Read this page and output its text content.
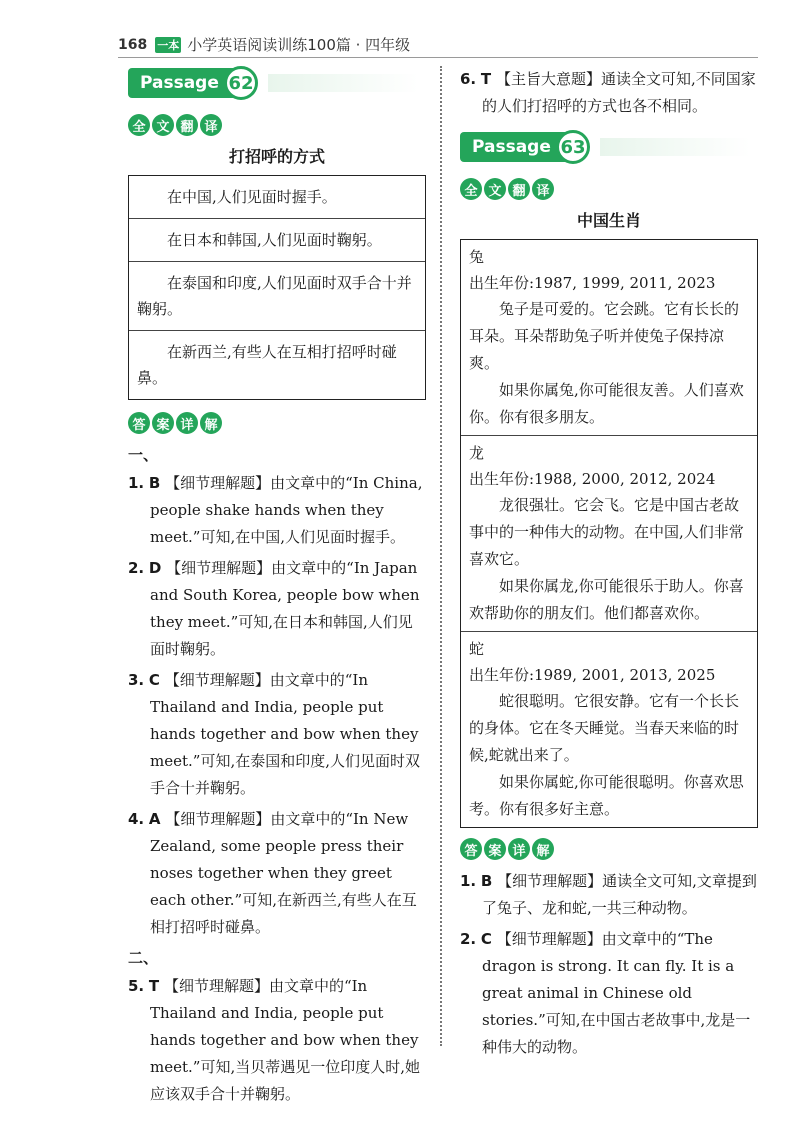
168 一本 小学英语阅读训练100篇 · 四年级
Passage 62
全 文 翻 译
打招呼的方式
在中国,人们见面时握手。
在日本和韩国,人们见面时鞠躬。
在泰国和印度,人们见面时双手合十并鞠躬。
在新西兰,有些人在互相打招呼时碰鼻。
答 案 详 解
一、
1. B 【细节理解题】由文章中的“In China, people shake hands when they meet.”可知,在中国,人们见面时握手。
2. D 【细节理解题】由文章中的“In Japan and South Korea, people bow when they meet.”可知,在日本和韩国,人们见面时鞠躬。
3. C 【细节理解题】由文章中的“In Thailand and India, people put hands together and bow when they meet.”可知,在泰国和印度,人们见面时双手合十并鞠躬。
4. A 【细节理解题】由文章中的“In New Zealand, some people press their noses together when they greet each other.”可知,在新西兰,有些人在互相打招呼时碰鼻。
二、
5. T 【细节理解题】由文章中的“In Thailand and India, people put hands together and bow when they meet.”可知,当贝蒂遇见一位印度人时,她应该双手合十并鞠躬。
6. T 【主旨大意题】通读全文可知,不同国家的人们打招呼的方式也各不相同。
Passage 63
全 文 翻 译
中国生肖
兔
出生年份:1987, 1999, 2011, 2023

兔子是可爱的。它会跳。它有长长的耳朵。耳朵帮助兔子听并使兔子保持凉爽。

如果你属兔,你可能很友善。人们喜欢你。你有很多朋友。

龙
出生年份:1988, 2000, 2012, 2024

龙很强壮。它会飞。它是中国古老故事中的一种伟大的动物。在中国,人们非常喜欢它。

如果你属龙,你可能很乐于助人。你喜欢帮助你的朋友们。他们都喜欢你。

蛇
出生年份:1989, 2001, 2013, 2025

蛇很聪明。它很安静。它有一个长长的身体。它在冬天睡觉。当春天来临的时候,蛇就出来了。

如果你属蛇,你可能很聪明。你喜欢思考。你有很多好主意。

答 案 详 解
1. B 【细节理解题】通读全文可知,文章提到了兔子、龙和蛇,一共三种动物。
2. C 【细节理解题】由文章中的“The dragon is strong. It can fly. It is a great animal in Chinese old stories.”可知,在中国古老故事中,龙是一种伟大的动物。
